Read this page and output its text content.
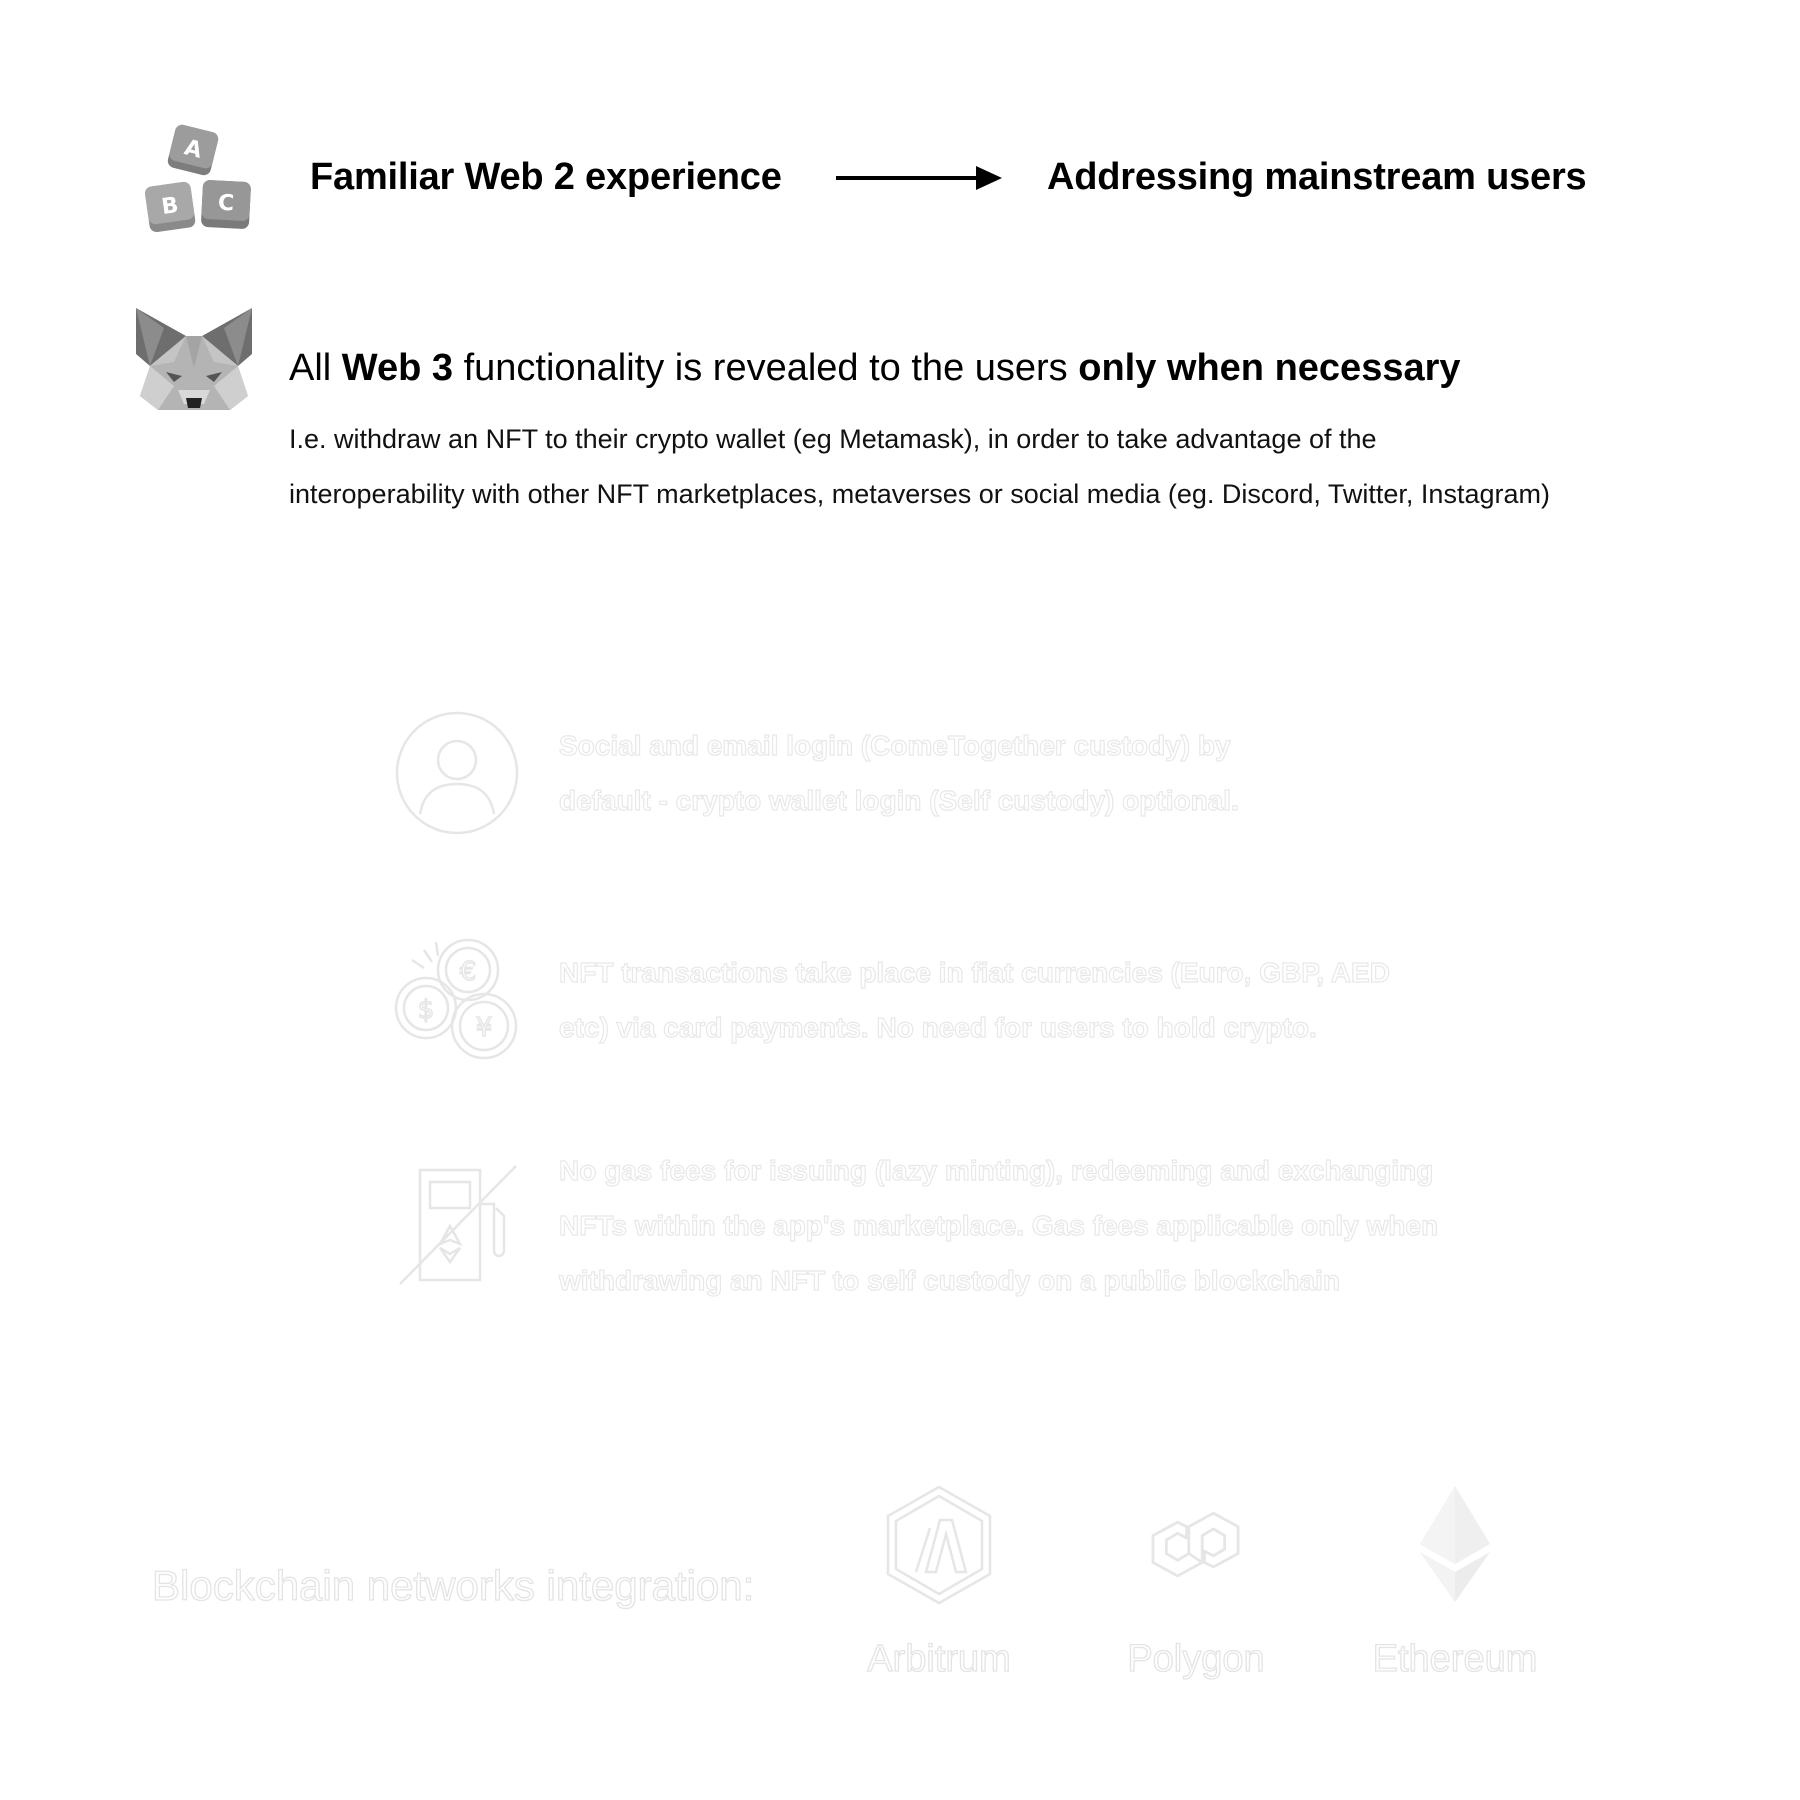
A
B C
Familiar Web 2 experience	Addressing mainstream users
All Web 3 functionality is revealed to the users only when necessary
I.e. withdraw an NFT to their crypto wallet (eg Metamask), in order to take advantage of the
interoperability with other NFT marketplaces, metaverses or social media (eg. Discord, Twitter, Instagram)
Social and email login (ComeTogether custody) by
default - crypto wallet login (Self custody) optional.
€
$
¥
NFT transactions take place in fiat currencies (Euro, GBP, AED
etc) via card payments. No need for users to hold crypto.
No gas fees for issuing (lazy minting), redeeming and exchanging
NFTs within the app's marketplace. Gas fees applicable only when
withdrawing an NFT to self custody on a public blockchain
Blockchain networks integration:
Arbitrum	Polygon	Ethereum
